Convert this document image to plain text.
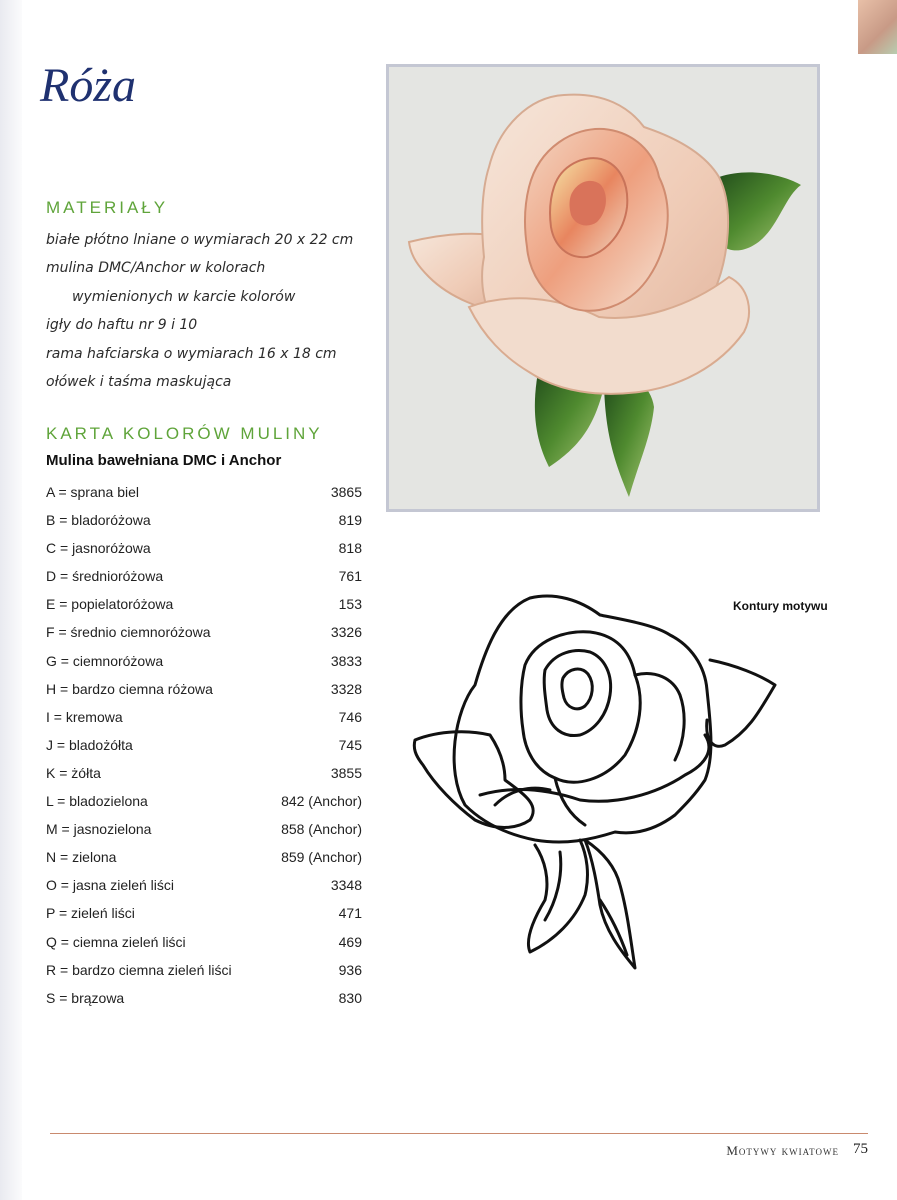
Róża
MATERIAŁY
białe płótno lniane o wymiarach 20 x 22 cm
mulina DMC/Anchor w kolorach
wymienionych w karcie kolorów
igły do haftu nr 9 i 10
rama hafciarska o wymiarach 16 x 18 cm
ołówek i taśma maskująca
KARTA KOLORÓW MULINY
Mulina bawełniana DMC i Anchor
A = sprana biel	3865
B = bladoróżowa	819
C = jasnoróżowa	818
D = średnioróżowa	761
E = popielatoróżowa	153
F = średnio ciemnoróżowa	3326
G = ciemnoróżowa	3833
H = bardzo ciemna różowa	3328
I = kremowa	746
J = bladożółta	745
K = żółta	3855
L = bladozielona	842 (Anchor)
M = jasnozielona	858 (Anchor)
N = zielona	859 (Anchor)
O = jasna zieleń liści	3348
P = zieleń liści	471
Q = ciemna zieleń liści	469
R = bardzo ciemna zieleń liści	936
S = brązowa	830

Kontury motywu

Motywy kwiatowe 75
